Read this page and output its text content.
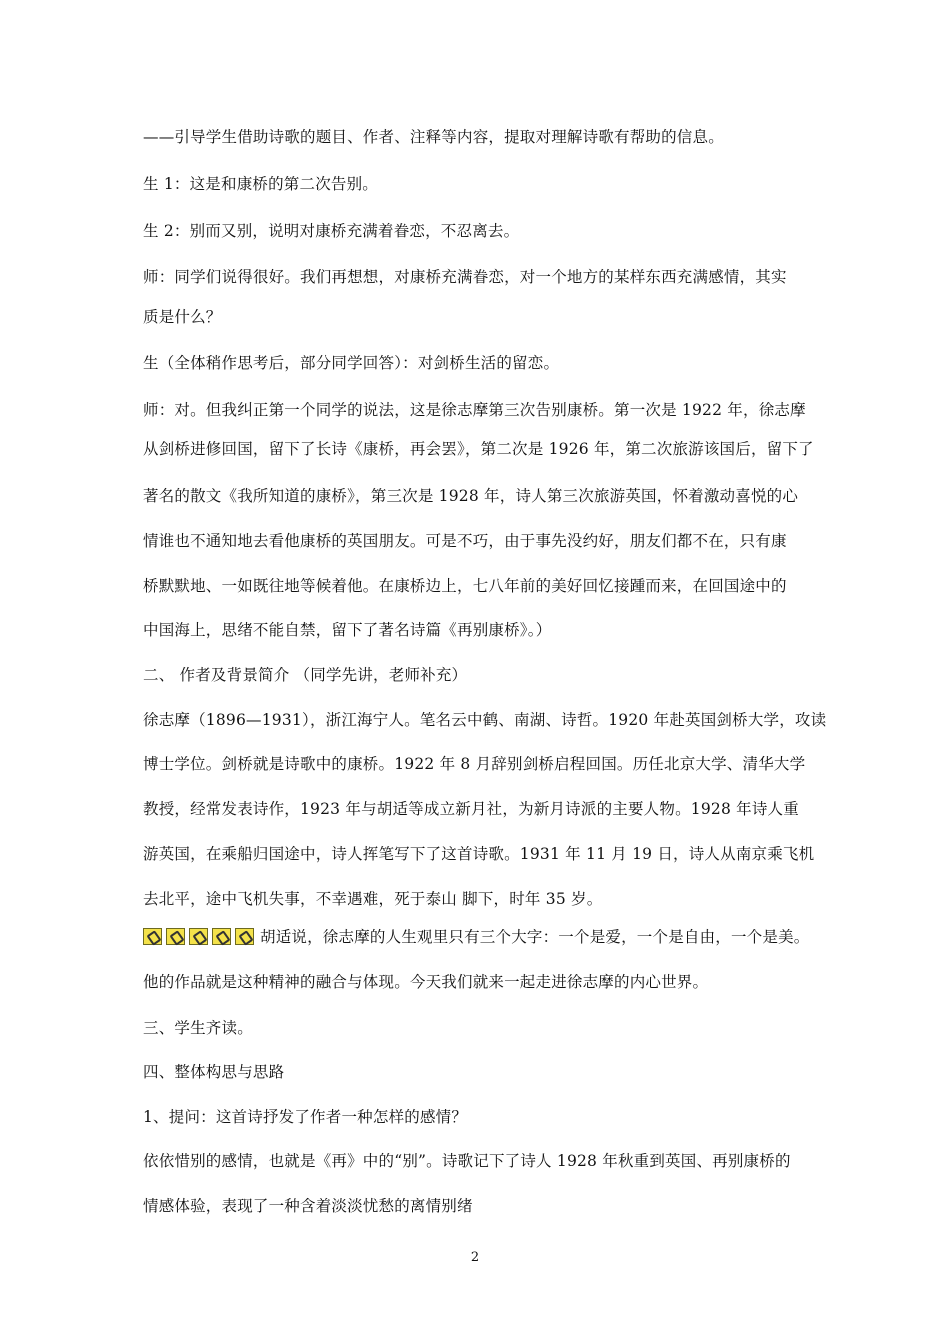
——引导学生借助诗歌的题目、作者、注释等内容，提取对理解诗歌有帮助的信息。
生 1：这是和康桥的第二次告别。
生 2：别而又别，说明对康桥充满着眷恋，不忍离去。
师：同学们说得很好。我们再想想，对康桥充满眷恋，对一个地方的某样东西充满感情，其实
质是什么？
生（全体稍作思考后，部分同学回答）：对剑桥生活的留恋。
师：对。但我纠正第一个同学的说法，这是徐志摩第三次告别康桥。第一次是 1922 年，徐志摩
从剑桥进修回国，留下了长诗《康桥，再会罢》，第二次是 1926 年，第二次旅游该国后，留下了
著名的散文《我所知道的康桥》，第三次是 1928 年，诗人第三次旅游英国，怀着激动喜悦的心
情谁也不通知地去看他康桥的英国朋友。可是不巧，由于事先没约好，朋友们都不在，只有康
桥默默地、一如既往地等候着他。在康桥边上，七八年前的美好回忆接踵而来，在回国途中的
中国海上，思绪不能自禁，留下了著名诗篇《再别康桥》。）
二、 作者及背景简介 （同学先讲，老师补充）
徐志摩（1896—1931），浙江海宁人。笔名云中鹤、南湖、诗哲。1920 年赴英国剑桥大学，攻读
博士学位。剑桥就是诗歌中的康桥。1922 年 8 月辞别剑桥启程回国。历任北京大学、清华大学
教授，经常发表诗作，1923 年与胡适等成立新月社，为新月诗派的主要人物。1928 年诗人重
游英国，在乘船归国途中，诗人挥笔写下了这首诗歌。1931 年 11 月 19 日，诗人从南京乘飞机
去北平，途中飞机失事，不幸遇难，死于泰山 脚下，时年 35 岁。
胡适说，徐志摩的人生观里只有三个大字：一个是爱，一个是自由，一个是美。
他的作品就是这种精神的融合与体现。今天我们就来一起走进徐志摩的内心世界。
三、学生齐读。
四、整体构思与思路
1、提问：这首诗抒发了作者一种怎样的感情？
依依惜别的感情，也就是《再》中的“别”。诗歌记下了诗人 1928 年秋重到英国、再别康桥的
情感体验，表现了一种含着淡淡忧愁的离情别绪
2
